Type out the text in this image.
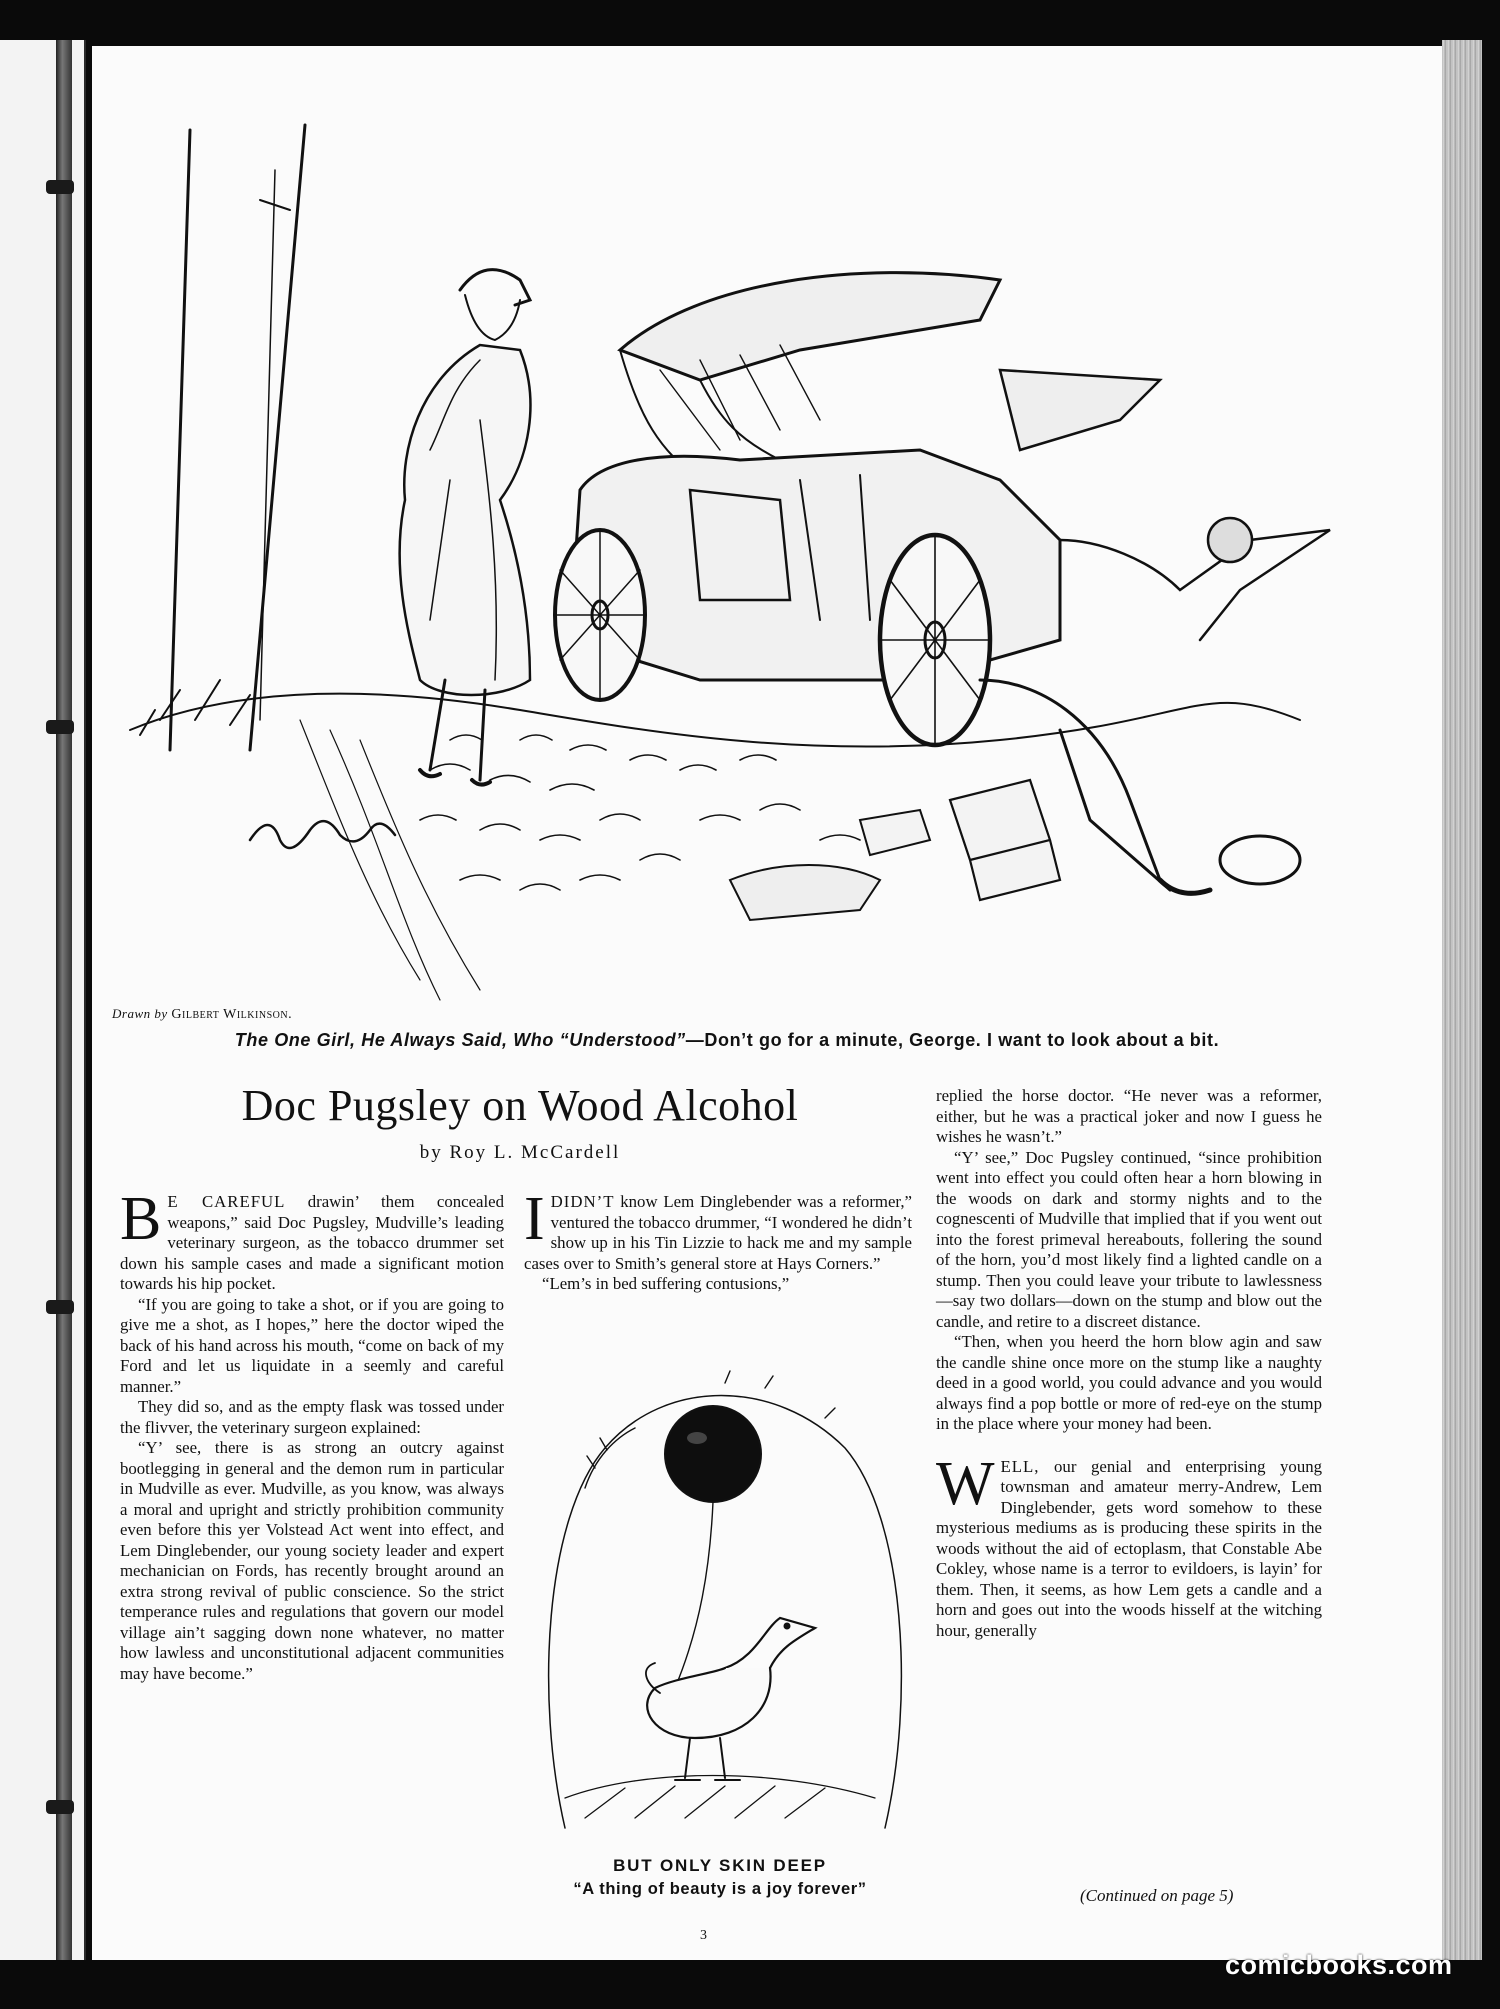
Drawn by Gilbert Wilkinson.
The One Girl, He Always Said, Who “Understood”—Don’t go for a minute, George. I want to look about a bit.
Doc Pugsley on Wood Alcohol
by Roy L. McCardell

B E CAREFUL drawin’ them concealed weapons,” said Doc Pugsley, Mudville’s leading veterinary surgeon, as the tobacco drummer set down his sample cases and made a significant motion towards his hip pocket.

“If you are going to take a shot, or if you are going to give me a shot, as I hopes,” here the doctor wiped the back of his hand across his mouth, “come on back of my Ford and let us liquidate in a seemly and careful manner.”

They did so, and as the empty flask was tossed under the flivver, the veterinary surgeon explained:

“Y’ see, there is as strong an outcry against bootlegging in general and the demon rum in particular in Mudville as ever. Mudville, as you know, was always a moral and upright and strictly prohibition community even before this yer Volstead Act went into effect, and Lem Dinglebender, our young society leader and expert mechanician on Fords, has recently brought around an extra strong revival of public conscience. So the strict temperance rules and regulations that govern our model village ain’t sagging down none whatever, no matter how lawless and unconstitutional adjacent communities may have become.”

IDIDN’T know Lem Dinglebender was a reformer,” ventured the tobacco drummer, “I wondered he didn’t show up in his Tin Lizzie to hack me and my sample cases over to Smith’s general store at Hays Corners.”

“Lem’s in bed suffering contusions,”

BUT ONLY SKIN DEEP
“A thing of beauty is a joy forever”

replied the horse doctor. “He never was a reformer, either, but he was a practical joker and now I guess he wishes he wasn’t.”

“Y’ see,” Doc Pugsley continued, “since prohibition went into effect you could often hear a horn blowing in the woods on dark and stormy nights and to the cognescenti of Mudville that implied that if you went out into the forest primeval hereabouts, follering the sound of the horn, you’d most likely find a lighted candle on a stump. Then you could leave your tribute to lawlessness—say two dollars—down on the stump and blow out the candle, and retire to a discreet distance.

“Then, when you heerd the horn blow agin and saw the candle shine once more on the stump like a naughty deed in a good world, you could advance and you would always find a pop bottle or more of red-eye on the stump in the place where your money had been.

WELL, our genial and enterprising young townsman and amateur merry-Andrew, Lem Dinglebender, gets word somehow to these mysterious mediums as is producing these spirits in the woods without the aid of ectoplasm, that Constable Abe Cokley, whose name is a terror to evildoers, is layin’ for them. Then, it seems, as how Lem gets a candle and a horn and goes out into the woods hisself at the witching hour, generally

(Continued on page 5)
3
comicbooks.com
